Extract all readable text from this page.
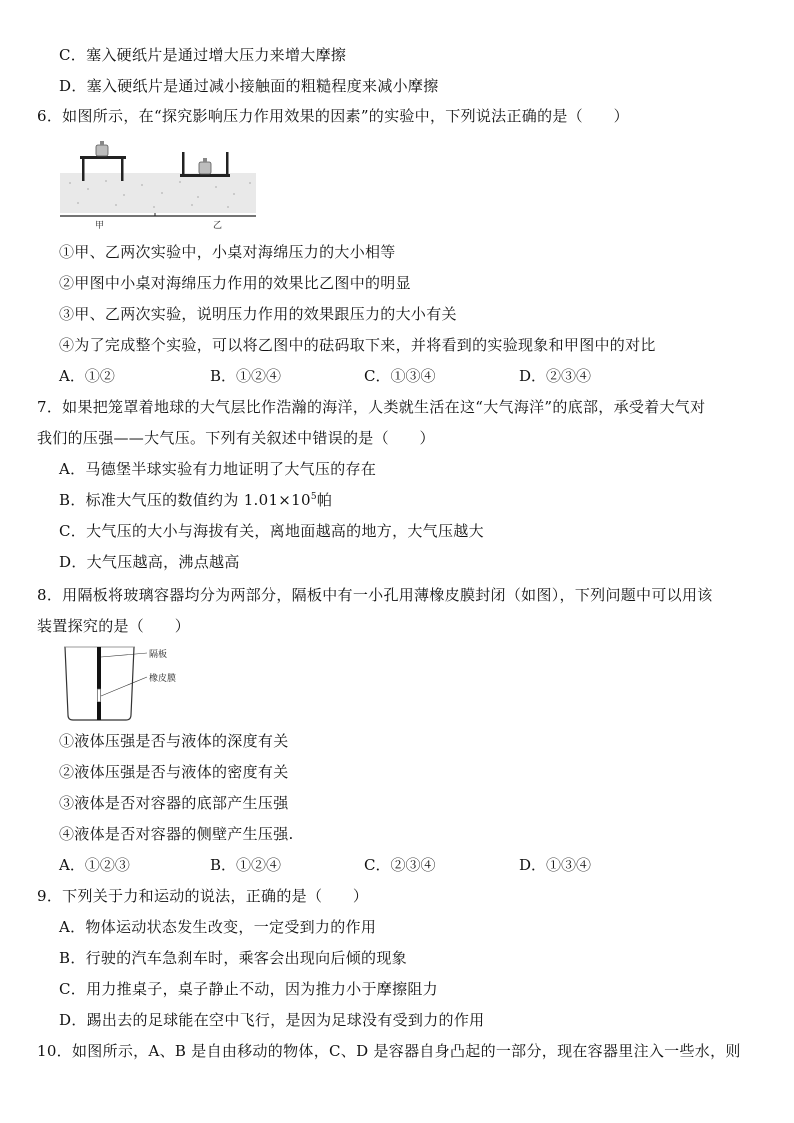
C．塞入硬纸片是通过增大压力来增大摩擦
D．塞入硬纸片是通过减小接触面的粗糙程度来减小摩擦
6．如图所示，在“探究影响压力作用效果的因素”的实验中，下列说法正确的是（　　）
甲	乙
①甲、乙两次实验中，小桌对海绵压力的大小相等
②甲图中小桌对海绵压力作用的效果比乙图中的明显
③甲、乙两次实验，说明压力作用的效果跟压力的大小有关
④为了完成整个实验，可以将乙图中的砝码取下来，并将看到的实验现象和甲图中的对比
A．①②	B．①②④	C．①③④	D．②③④
7．如果把笼罩着地球的大气层比作浩瀚的海洋，人类就生活在这“大气海洋”的底部，承受着大气对
我们的压强——大气压。下列有关叙述中错误的是（　　）
A．马德堡半球实验有力地证明了大气压的存在
B．标准大气压的数值约为 $1.01\times 10^5$帕
C．大气压的大小与海拔有关，离地面越高的地方，大气压越大
D．大气压越高，沸点越高
8．用隔板将玻璃容器均分为两部分，隔板中有一小孔用薄橡皮膜封闭（如图），下列问题中可以用该
装置探究的是（　　）
隔板
橡皮膜
①液体压强是否与液体的深度有关
②液体压强是否与液体的密度有关
③液体是否对容器的底部产生压强
④液体是否对容器的侧壁产生压强.
A．①②③	B．①②④	C．②③④	D．①③④
9．下列关于力和运动的说法，正确的是（　　）
A．物体运动状态发生改变，一定受到力的作用
B．行驶的汽车急刹车时，乘客会出现向后倾的现象
C．用力推桌子，桌子静止不动，因为推力小于摩擦阻力
D．踢出去的足球能在空中飞行，是因为足球没有受到力的作用
10．如图所示，A、B 是自由移动的物体，C、D 是容器自身凸起的一部分，现在容器里注入一些水，则
